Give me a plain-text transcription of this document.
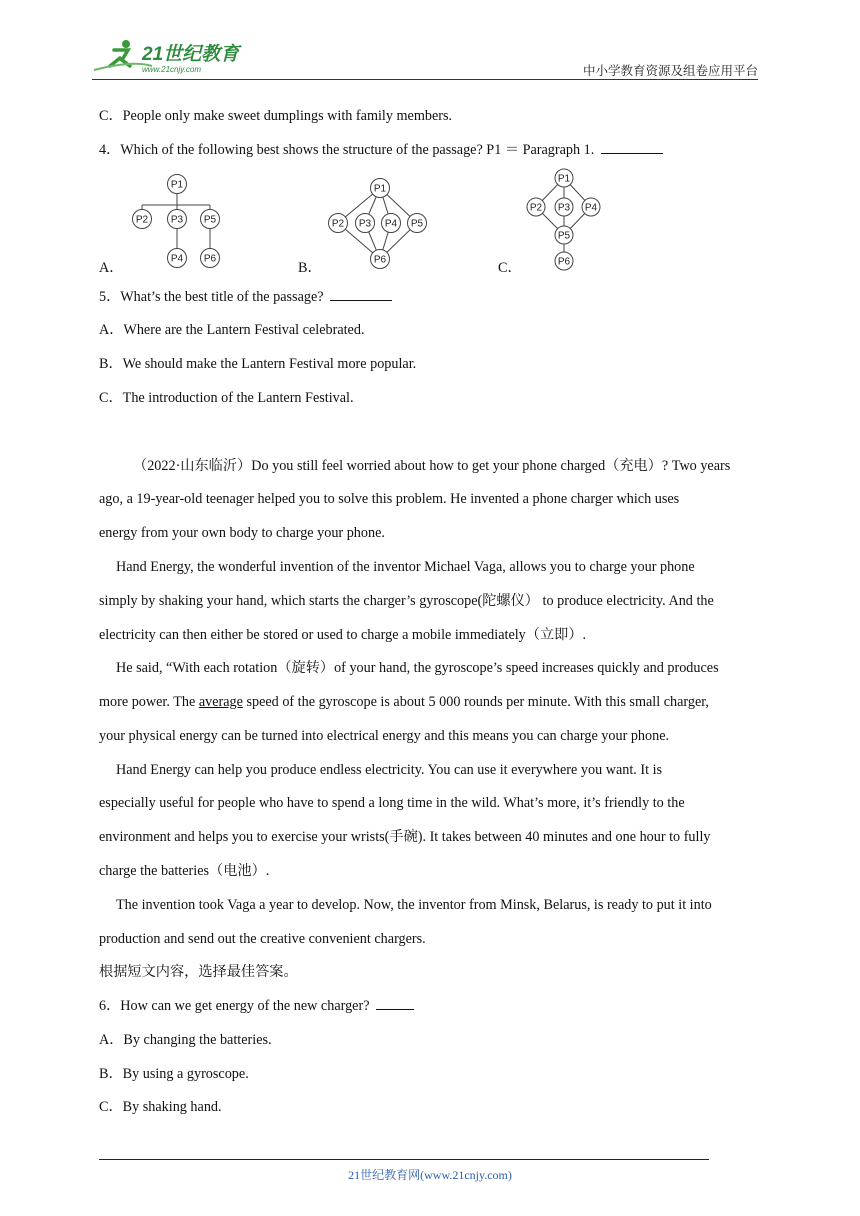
21世纪教育
www.21cnjy.com	中小学教育资源及组卷应用平台
C．People only make sweet dumplings with family members.
4．Which of the following best shows the structure of the passage? P1 ＝ Paragraph 1.
A．	B．	C．
P1
P2 P3 P5
P4 P6
P1
P2 P3 P4 P5
P6
P1
P2 P3 P4
P5
P6
5．What’s the best title of the passage?
A．Where are the Lantern Festival celebrated.
B．We should make the Lantern Festival more popular.
C．The introduction of the Lantern Festival.
（2022·山东临沂）Do you still feel worried about how to get your phone charged（充电）? Two years
ago, a 19-year-old teenager helped you to solve this problem. He invented a phone charger which uses
energy from your own body to charge your phone.
Hand Energy, the wonderful invention of the inventor Michael Vaga, allows you to charge your phone
simply by shaking your hand, which starts the charger’s gyroscope(陀螺仪） to produce electricity. And the
electricity can then either be stored or used to charge a mobile immediately（立即）.
He said, “With each rotation（旋转）of your hand, the gyroscope’s speed increases quickly and produces
more power. The average speed of the gyroscope is about 5 000 rounds per minute. With this small charger,
your physical energy can be turned into electrical energy and this means you can charge your phone.
Hand Energy can help you produce endless electricity. You can use it everywhere you want. It is
especially useful for people who have to spend a long time in the wild. What’s more, it’s friendly to the
environment and helps you to exercise your wrists(手碗). It takes between 40 minutes and one hour to fully
charge the batteries（电池）.
The invention took Vaga a year to develop. Now, the inventor from Minsk, Belarus, is ready to put it into
production and send out the creative convenient chargers.
根据短文内容，选择最佳答案。
6．How can we get energy of the new charger?
A．By changing the batteries.
B．By using a gyroscope.
C．By shaking hand.
21世纪教育网(www.21cnjy.com)
